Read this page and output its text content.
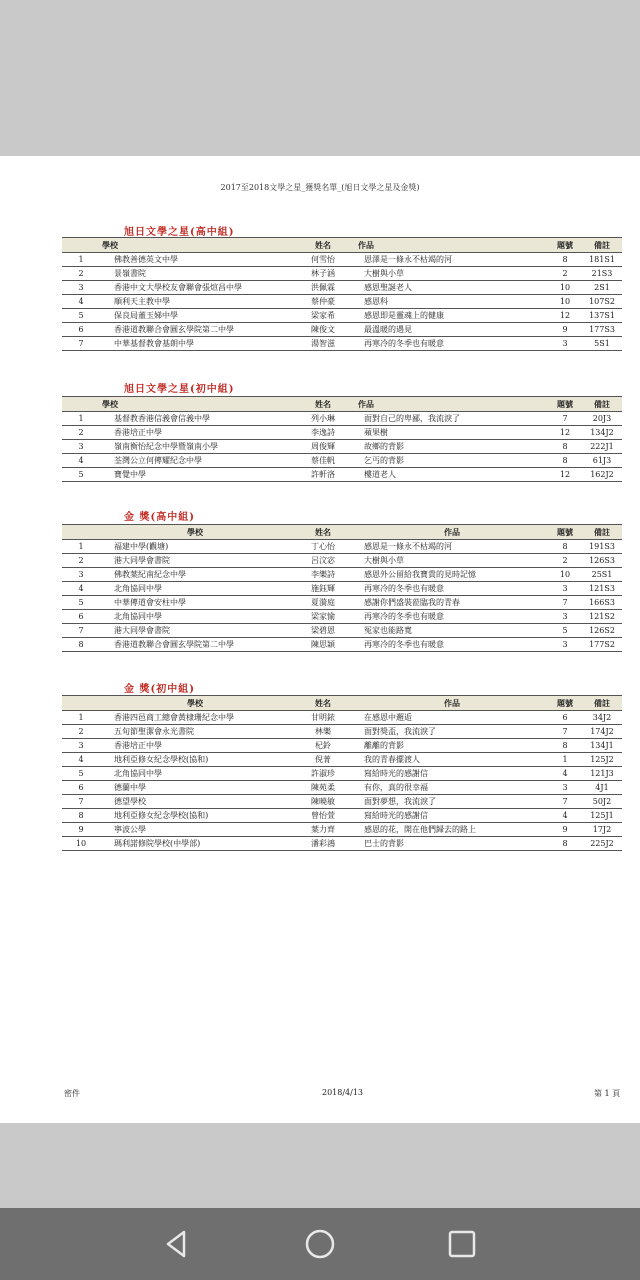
2017至2018文學之星_獲獎名單_(旭日文學之星及金獎)
旭日文學之星(高中組)
	學校	姓名	作品	題號	備註
1	佛教善德英文中學	何雪怡	恩澤是一條永不枯竭的河	8	181S1
2	景嶺書院	林子涵	大樹與小草	2	21S3
3	香港中文大學校友會聯會張煊昌中學	洪佩霖	感恩聖誕老人	10	2S1
4	順利天主教中學	蔡仲豪	感恩科	10	107S2
5	保良局董玉娣中學	梁家希	感恩即是靈魂上的健康	12	137S1
6	香港道教聯合會圓玄學院第二中學	陳俊文	最溫暖的遇見	9	177S3
7	中華基督教會基朗中學	湯智滋	再寒冷的冬季也有暖意	3	5S1
旭日文學之星(初中組)
	學校	姓名	作品	題號	備註
1	基督教香港信義會信義中學	列小琳	面對自己的卑鄙，我流淚了	7	20J3
2	香港培正中學	李逸詩	蘋果樹	12	134J2
3	嶺南衡怡紀念中學暨嶺南小學	周俊輝	故鄉的背影	8	222J1
4	荃灣公立何傳耀紀念中學	蔡佳帆	乞丐的背影	8	61J3
5	寶覺中學	許軒洛	樓道老人	12	162J2
金 獎(高中組)
	學校	姓名	作品	題號	備註
1	福建中學(觀塘)	丁心怡	感恩是一條永不枯竭的河	8	191S3
2	港大同學會書院	呂汶宓	大樹與小草	2	126S3
3	佛教葉紀南紀念中學	李樂詩	感恩外公留給我寶貴的見時記憶	10	25S1
4	北角協同中學	施鈺輝	再寒冷的冬季也有暖意	3	121S3
5	中華傳道會安柱中學	夏漪庭	感謝你們盛裝蒞臨我的青春	7	166S3
6	北角協同中學	梁家愉	再寒冷的冬季也有暖意	3	121S2
7	港大同學會書院	梁碧恩	冤家也能路寬	5	126S2
8	香港道教聯合會圓玄學院第二中學	陳思穎	再寒冷的冬季也有暖意	3	177S2
金 獎(初中組)
	學校	姓名	作品	題號	備註
1	香港四邑商工總會黃棣珊紀念中學	甘明銥	在感恩中邂逅	6	34J2
2	五旬節聖潔會永光書院	林樂	面對獎盃，我流淚了	7	174J2
3	香港培正中學	杞鈴	離離的背影	8	134J1
4	地利亞修女紀念學校(協和)	倪菁	我的青春擺渡人	1	125J2
5	北角協同中學	許淑珍	寫給時光的感謝信	4	121J3
6	德蘭中學	陳苑柔	有你，真的很幸福	3	4J1
7	德望學校	陳曉敏	面對夢想，我流淚了	7	50J2
8	地利亞修女紀念學校(協和)	曾怡萱	寫給時光的感謝信	4	125J1
9	寧波公學	葉力齊	感恩的花，開在他們歸去的路上	9	17J2
10	瑪利諾修院學校(中學部)	潘彩鴻	巴士的背影	8	225J2
密件	2018/4/13	第 1 頁
